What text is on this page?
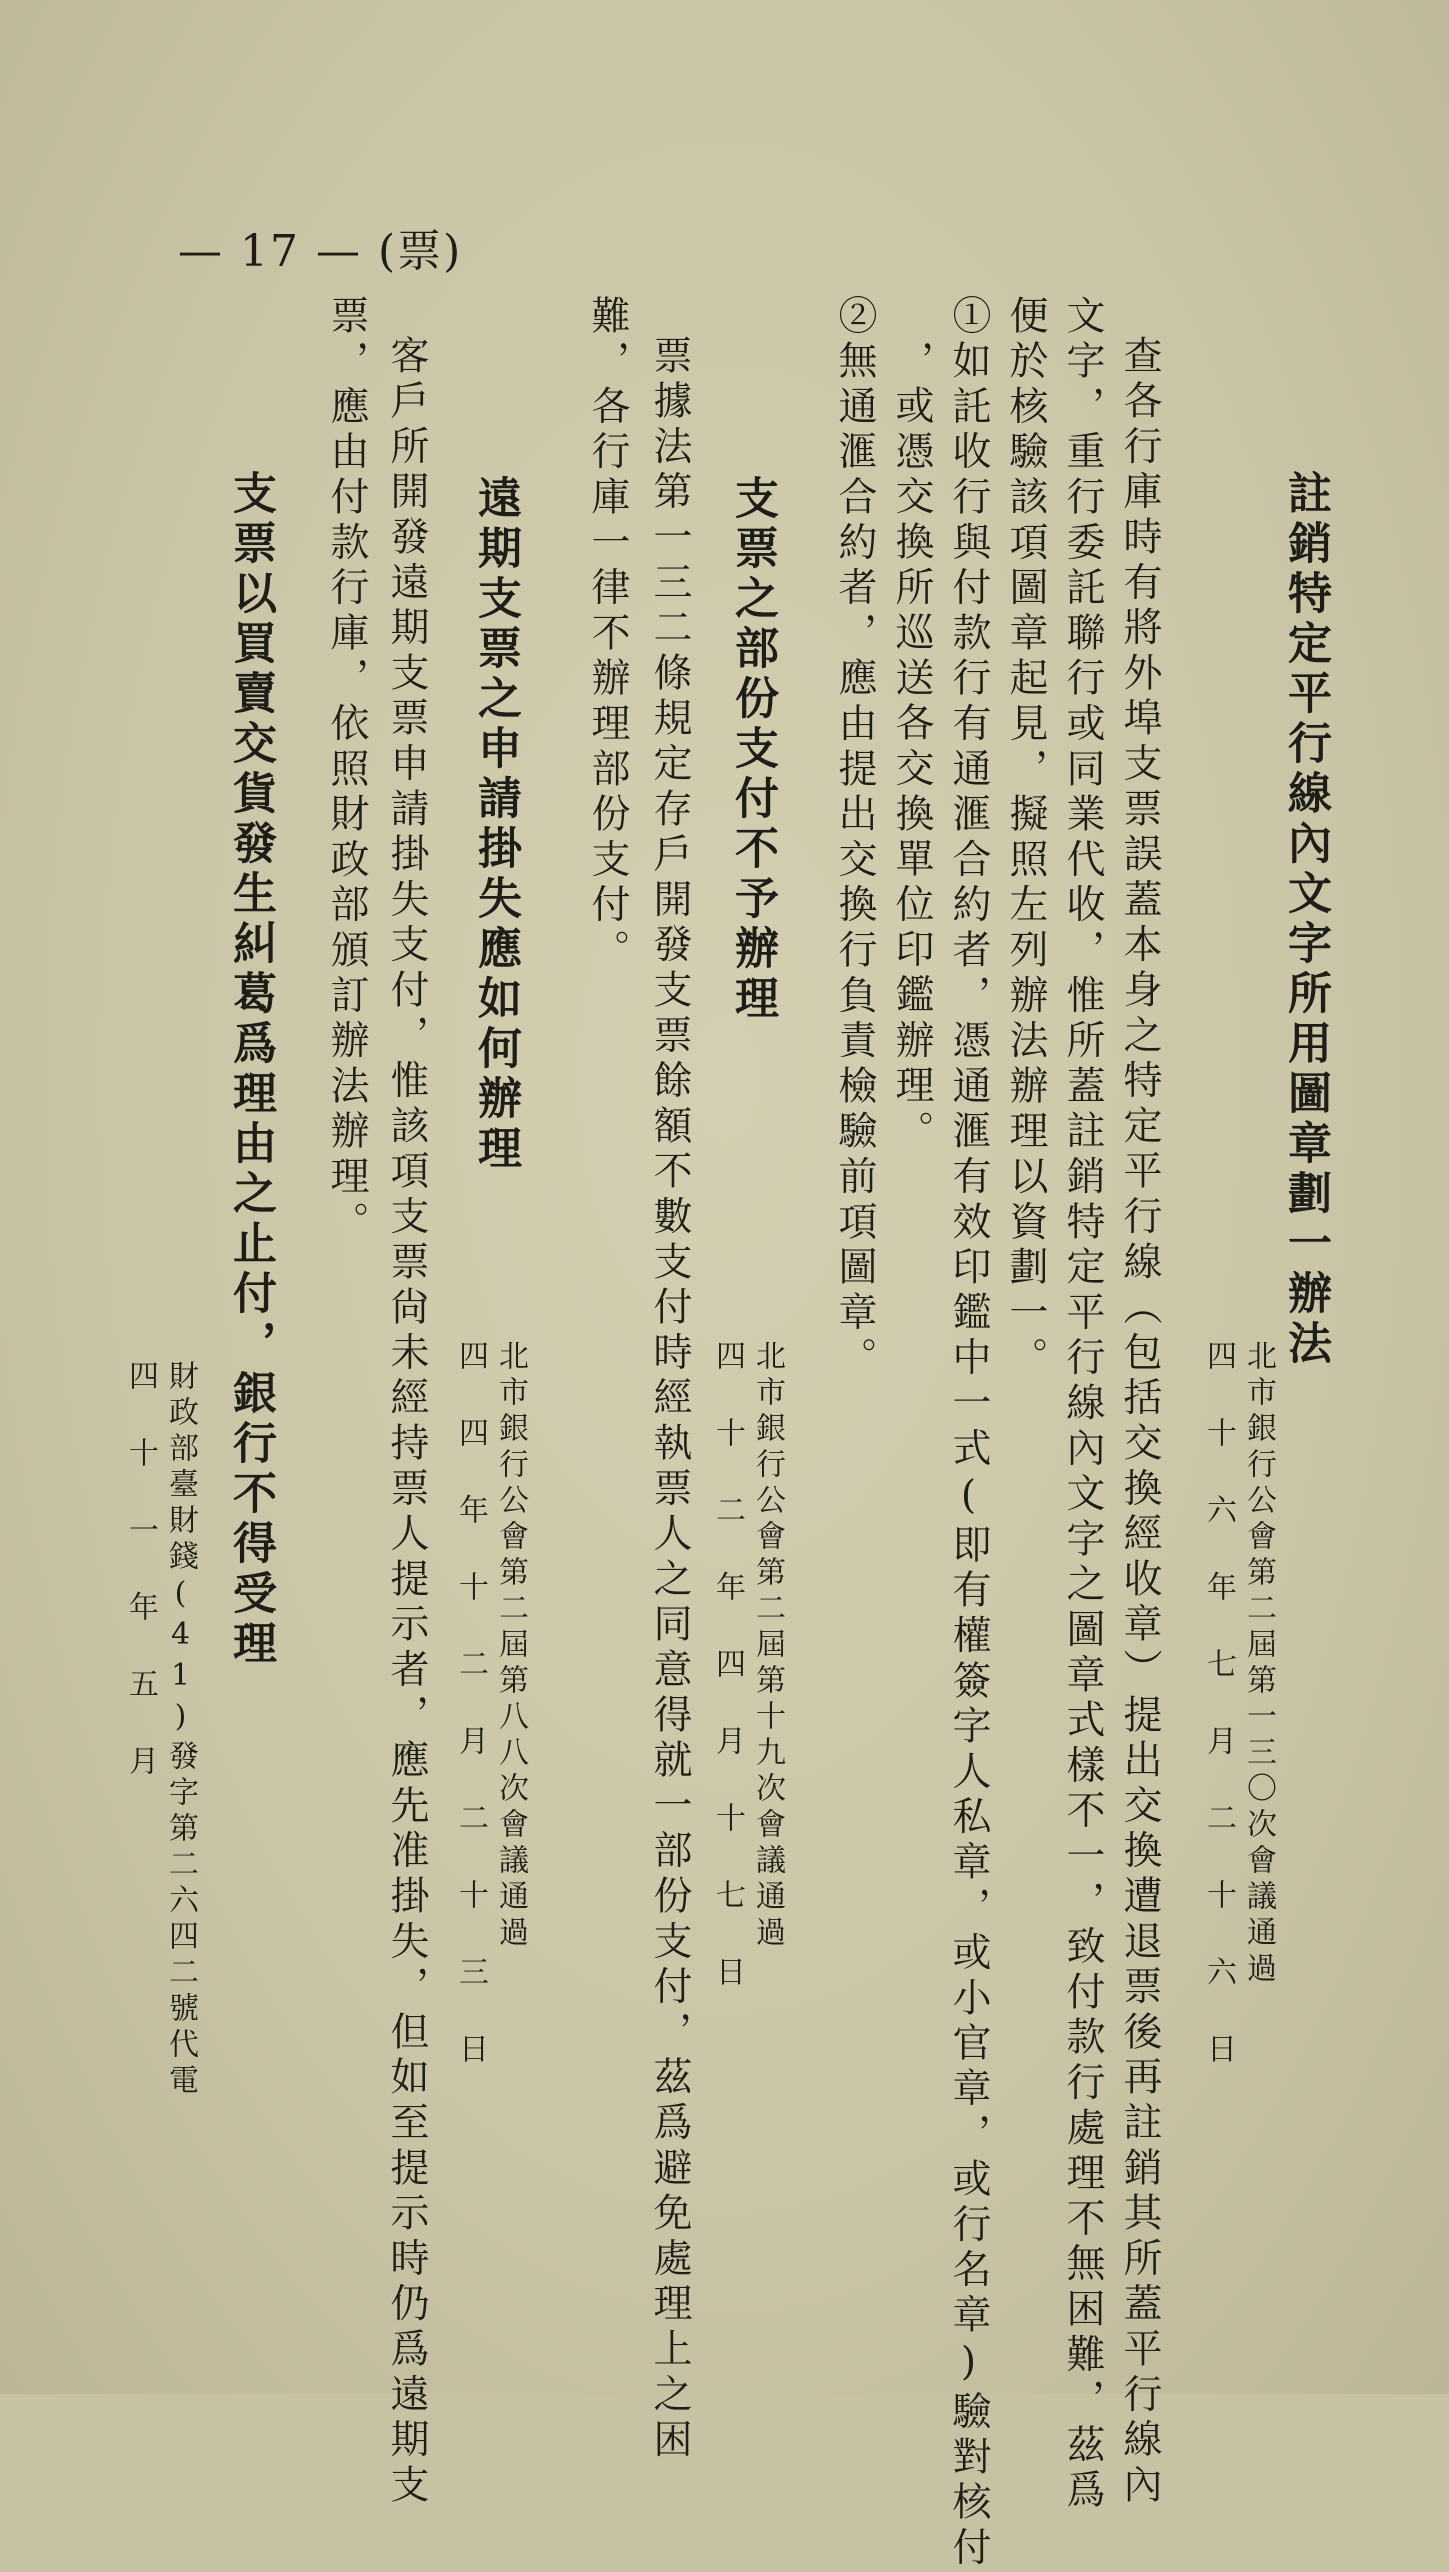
— 17 — (票)
註銷特定平行線內文字所用圖章劃一辦法
北市銀行公會第二屆第一三〇次會議通過
四 十 六 年 七 月 二 十 六 日
查各行庫時有將外埠支票誤蓋本身之特定平行線（包括交換經收章）提出交換遭退票後再註銷其所蓋平行線內
文字，重行委託聯行或同業代收，惟所蓋註銷特定平行線內文字之圖章式樣不一，致付款行處理不無困難，茲爲
便於核驗該項圖章起見，擬照左列辦法辦理以資劃一。
①如託收行與付款行有通滙合約者，憑通滙有效印鑑中一式(即有權簽字人私章，或小官章，或行名章)驗對核付
，或憑交換所巡送各交換單位印鑑辦理。
②無通滙合約者，應由提出交換行負責檢驗前項圖章。
支票之部份支付不予辦理
北市銀行公會第二屆第十九次會議通過
四 十 二 年 四 月 十 七 日
票據法第一三二條規定存戶開發支票餘額不數支付時經執票人之同意得就一部份支付，茲爲避免處理上之困
難，各行庫一律不辦理部份支付。
遠期支票之申請掛失應如何辦理
北市銀行公會第二屆第八八次會議通過
四 四 年 十 二 月 二 十 三 日
客戶所開發遠期支票申請掛失支付，惟該項支票尙未經持票人提示者，應先准掛失，但如至提示時仍爲遠期支
票，應由付款行庫，依照財政部頒訂辦法辦理。
支票以買賣交貨發生糾葛爲理由之止付，銀行不得受理
財政部臺財錢(41)發字第二六四二號代電
四 十 一 年 五 月
